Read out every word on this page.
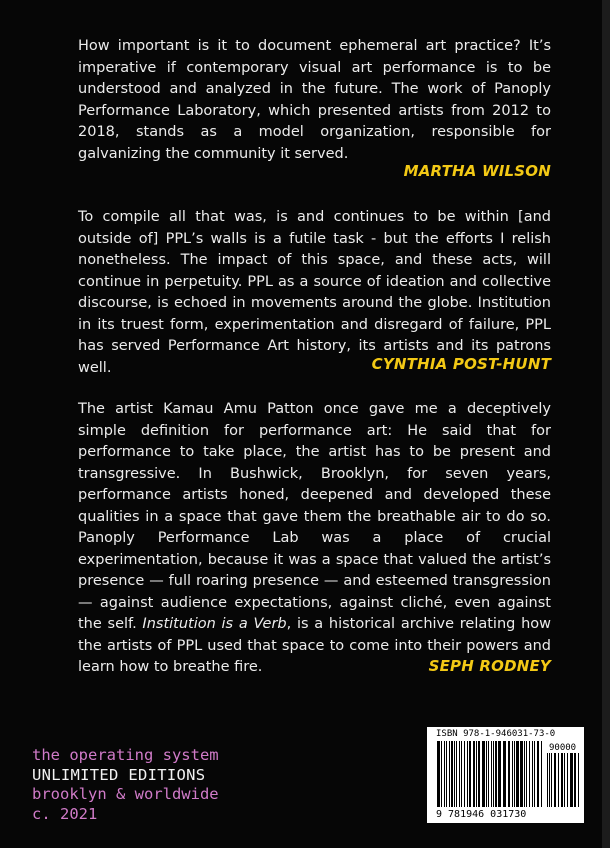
How important is it to document ephemeral art practice? It’s imperative if contemporary visual art performance is to be understood and analyzed in the future. The work of Panoply Performance Laboratory, which presented artists from 2012 to 2018, stands as a model organization, responsible for galvanizing the community it served.

MARTHA WILSON

To compile all that was, is and continues to be within [and outside of] PPL’s walls is a futile task - but the efforts I relish nonetheless. The impact of this space, and these acts, will continue in perpetuity. PPL as a source of ideation and collective discourse, is echoed in movements around the globe. Institution in its truest form, experimentation and disregard of failure, PPL has served Performance Art history, its artists and its patrons well.	CYNTHIA POST-HUNT

The artist Kamau Amu Patton once gave me a deceptively simple definition for performance art: He said that for performance to take place, the artist has to be present and transgressive. In Bushwick, Brooklyn, for seven years, performance artists honed, deepened and developed these qualities in a space that gave them the breathable air to do so. Panoply Performance Lab was a place of crucial experimentation, because it was a space that valued the artist’s presence — full roaring presence — and esteemed transgression — against audience expectations, against cliché, even against the self. Institution is a Verb, is a historical archive relating how the artists of PPL used that space to come into their powers and learn how to breathe fire.	SEPH RODNEY
the operating system
UNLIMITED EDITIONS
brooklyn & worldwide
c. 2021
ISBN 978-1-946031-73-0
90000
9 781946 031730
